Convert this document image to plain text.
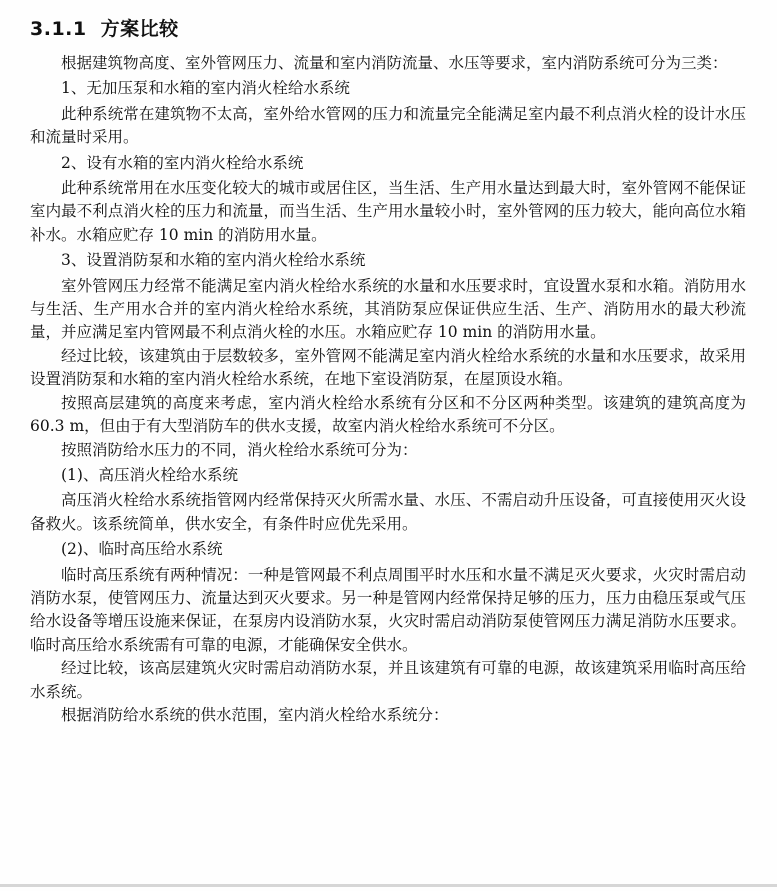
3.1.1 方案比较

根据建筑物高度、室外管网压力、流量和室内消防流量、水压等要求，室内消防系统可分为三类：

1、无加压泵和水箱的室内消火栓给水系统

此种系统常在建筑物不太高，室外给水管网的压力和流量完全能满足室内最不利点消火栓的设计水压和流量时采用。

2、设有水箱的室内消火栓给水系统

此种系统常用在水压变化较大的城市或居住区，当生活、生产用水量达到最大时，室外管网不能保证室内最不利点消火栓的压力和流量，而当生活、生产用水量较小时，室外管网的压力较大，能向高位水箱补水。水箱应贮存 10 min 的消防用水量。

3、设置消防泵和水箱的室内消火栓给水系统

室外管网压力经常不能满足室内消火栓给水系统的水量和水压要求时，宜设置水泵和水箱。消防用水与生活、生产用水合并的室内消火栓给水系统，其消防泵应保证供应生活、生产、消防用水的最大秒流量，并应满足室内管网最不利点消火栓的水压。水箱应贮存 10 min 的消防用水量。

经过比较，该建筑由于层数较多，室外管网不能满足室内消火栓给水系统的水量和水压要求，故采用设置消防泵和水箱的室内消火栓给水系统，在地下室设消防泵，在屋顶设水箱。

按照高层建筑的高度来考虑，室内消火栓给水系统有分区和不分区两种类型。该建筑的建筑高度为 60.3 m，但由于有大型消防车的供水支援，故室内消火栓给水系统可不分区。

按照消防给水压力的不同，消火栓给水系统可分为：

(1)、高压消火栓给水系统

高压消火栓给水系统指管网内经常保持灭火所需水量、水压、不需启动升压设备，可直接使用灭火设备救火。该系统简单，供水安全，有条件时应优先采用。

(2)、临时高压给水系统

临时高压系统有两种情况：一种是管网最不利点周围平时水压和水量不满足灭火要求，火灾时需启动消防水泵，使管网压力、流量达到灭火要求。另一种是管网内经常保持足够的压力，压力由稳压泵或气压给水设备等增压设施来保证，在泵房内设消防水泵，火灾时需启动消防泵使管网压力满足消防水压要求。临时高压给水系统需有可靠的电源，才能确保安全供水。

经过比较，该高层建筑火灾时需启动消防水泵，并且该建筑有可靠的电源，故该建筑采用临时高压给水系统。

根据消防给水系统的供水范围，室内消火栓给水系统分：
